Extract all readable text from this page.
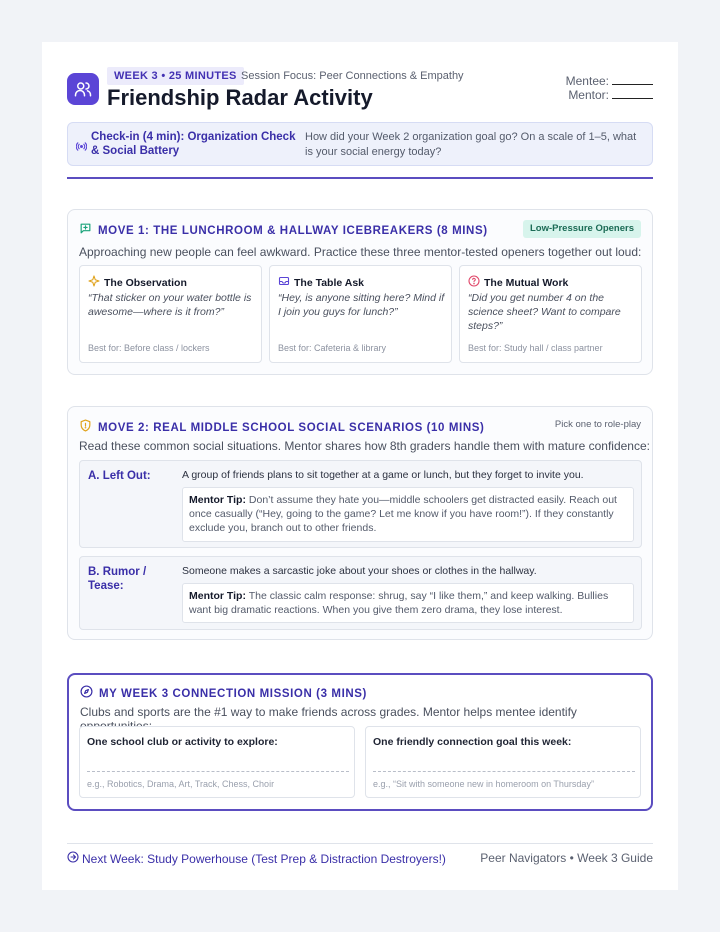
WEEK 3 • 25 MINUTES Session Focus: Peer Connections & Empathy
Friendship Radar Activity
Mentee:
Mentor:
Check-in (4 min): Organization Check & Social Battery
How did your Week 2 organization goal go? On a scale of 1–5, what is your social energy today?
MOVE 1: THE LUNCHROOM & HALLWAY ICEBREAKERS (8 MINS)	Low-Pressure Openers
Approaching new people can feel awkward. Practice these three mentor-tested openers together out loud:
The Observation
“That sticker on your water bottle is awesome—where is it from?”
Best for: Before class / lockers
The Table Ask
“Hey, is anyone sitting here? Mind if I join you guys for lunch?”
Best for: Cafeteria & library
The Mutual Work
“Did you get number 4 on the science sheet? Want to compare steps?”
Best for: Study hall / class partner
MOVE 2: REAL MIDDLE SCHOOL SOCIAL SCENARIOS (10 MINS)	Pick one to role-play
Read these common social situations. Mentor shares how 8th graders handle them with mature confidence:
A. Left Out:	A group of friends plans to sit together at a game or lunch, but they forget to invite you.
Mentor Tip: Don’t assume they hate you—middle schoolers get distracted easily. Reach out once casually (“Hey, going to the game? Let me know if you have room!”). If they constantly exclude you, branch out to other friends.
B. Rumor / Tease:
Someone makes a sarcastic joke about your shoes or clothes in the hallway.
Mentor Tip: The classic calm response: shrug, say “I like them,” and keep walking. Bullies want big dramatic reactions. When you give them zero drama, they lose interest.
MY WEEK 3 CONNECTION MISSION (3 MINS)
Clubs and sports are the #1 way to make friends across grades. Mentor helps mentee identify
One school club or activity to explore:
e.g., Robotics, Drama, Art, Track, Chess, Choir
One friendly connection goal this week:
e.g., “Sit with someone new in homeroom on Thursday”
Next Week: Study Powerhouse (Test Prep & Distraction Destroyers!)	Peer Navigators • Week 3 Guide
